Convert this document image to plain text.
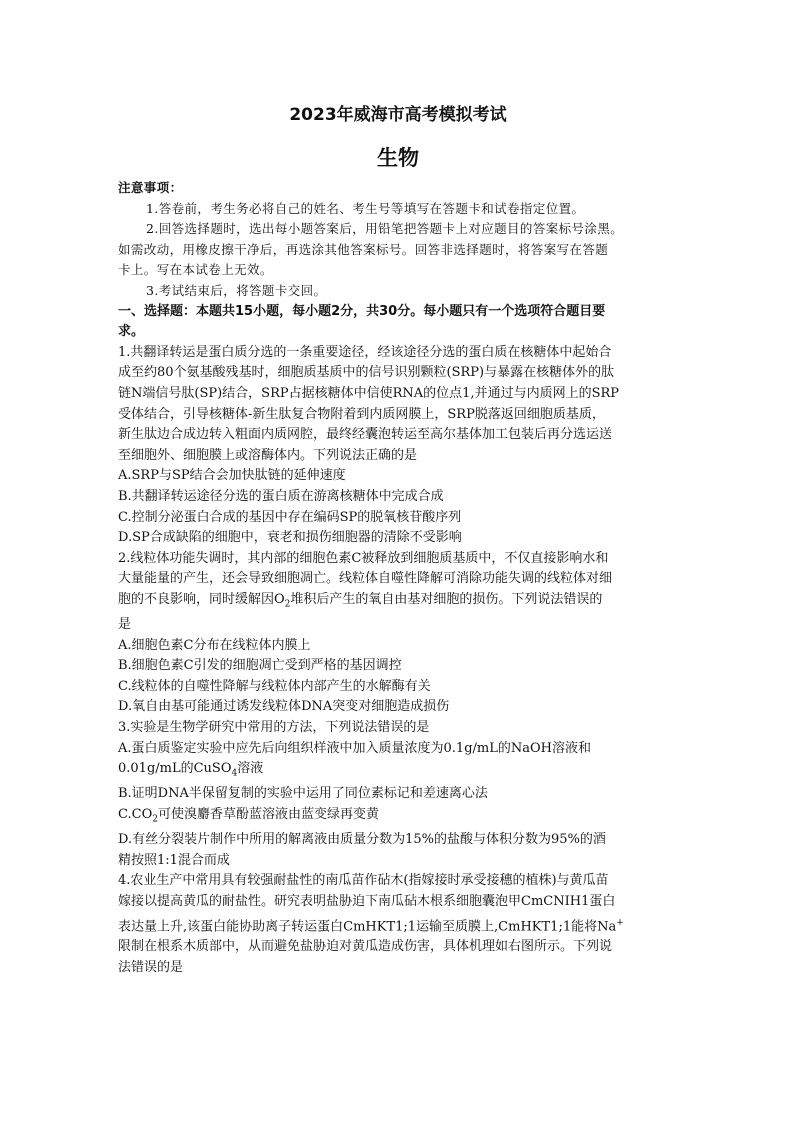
2023年威海市高考模拟考试
生物
注意事项：
1.答卷前，考生务必将自己的姓名、考生号等填写在答题卡和试卷指定位置。
2.回答选择题时，选出每小题答案后，用铅笔把答题卡上对应题目的答案标号涂黑。
如需改动，用橡皮擦干净后，再选涂其他答案标号。回答非选择题时，将答案写在答题
卡上。写在本试卷上无效。
3.考试结束后，将答题卡交回。
一、选择题：本题共15小题，每小题2分，共30分。每小题只有一个选项符合题目要
求。
1.共翻译转运是蛋白质分选的一条重要途径，经该途径分选的蛋白质在核糖体中起始合
成至约80个氨基酸残基时，细胞质基质中的信号识别颗粒(SRP)与暴露在核糖体外的肽
链N端信号肽(SP)结合，SRP占据核糖体中信使RNA的位点1,并通过与内质网上的SRP
受体结合，引导核糖体-新生肽复合物附着到内质网膜上，SRP脱落返回细胞质基质，
新生肽边合成边转入粗面内质网腔，最终经囊泡转运至高尔基体加工包装后再分选运送
至细胞外、细胞膜上或溶酶体内。下列说法正确的是
A.SRP与SP结合会加快肽链的延伸速度
B.共翻译转运途径分选的蛋白质在游离核糖体中完成合成
C.控制分泌蛋白合成的基因中存在编码SP的脱氧核苷酸序列
D.SP合成缺陷的细胞中，衰老和损伤细胞器的清除不受影响
2.线粒体功能失调时，其内部的细胞色素C被释放到细胞质基质中，不仅直接影响水和
大量能量的产生，还会导致细胞凋亡。线粒体自噬性降解可消除功能失调的线粒体对细
胞的不良影响，同时缓解因$O_2$堆积后产生的氧自由基对细胞的损伤。下列说法错误的
是
A.细胞色素C分布在线粒体内膜上
B.细胞色素C引发的细胞凋亡受到严格的基因调控
C.线粒体的自噬性降解与线粒体内部产生的水解酶有关
D.氧自由基可能通过诱发线粒体DNA突变对细胞造成损伤
3.实验是生物学研究中常用的方法，下列说法错误的是
A.蛋白质鉴定实验中应先后向组织样液中加入质量浓度为0.1g/mL的NaOH溶液和
0.01g/mL的CuSO$_4$溶液
B.证明DNA半保留复制的实验中运用了同位素标记和差速离心法
$C.CO_2$可使溴麝香草酚蓝溶液由蓝变绿再变黄
D.有丝分裂装片制作中所用的解离液由质量分数为15%的盐酸与体积分数为95%的酒
精按照1:1混合而成
4.农业生产中常用具有较强耐盐性的南瓜苗作砧木(指嫁接时承受接穗的植株)与黄瓜苗
嫁接以提高黄瓜的耐盐性。研究表明盐胁迫下南瓜砧木根系细胞囊泡甲CmCNIH1蛋白
表达量上升,该蛋白能协助离子转运蛋白CmHKT1;1运输至质膜上,CmHKT1;1能将Na+
限制在根系木质部中，从而避免盐胁迫对黄瓜造成伤害，具体机理如右图所示。下列说
法错误的是
